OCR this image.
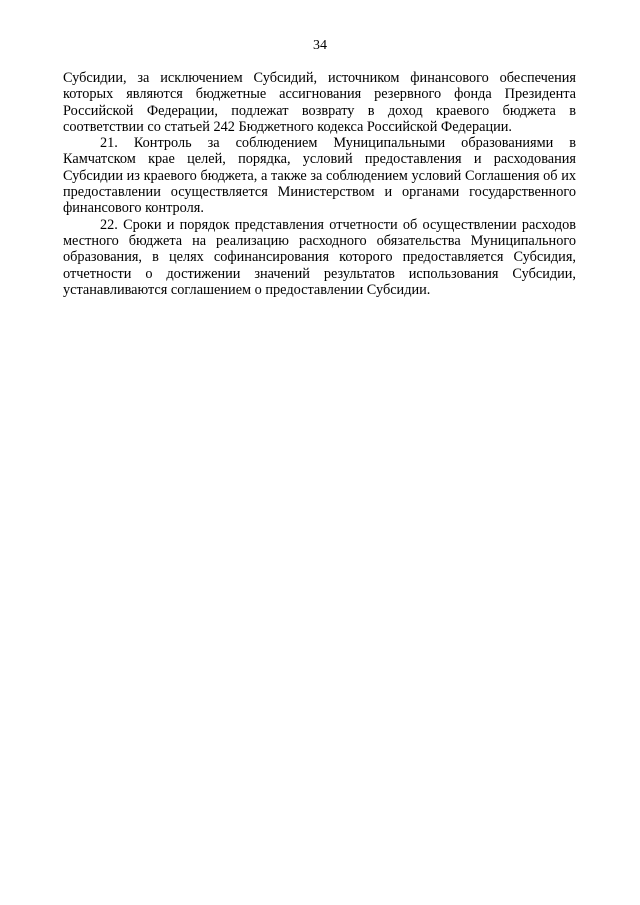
34

Субсидии, за исключением Субсидий, источником финансового обеспечения которых являются бюджетные ассигнования резервного фонда Президента Российской Федерации, подлежат возврату в доход краевого бюджета в соответствии со статьей 242 Бюджетного кодекса Российской Федерации.

21. Контроль за соблюдением Муниципальными образованиями в Камчатском крае целей, порядка, условий предоставления и расходования Субсидии из краевого бюджета, а также за соблюдением условий Соглашения об их предоставлении осуществляется Министерством и органами государственного финансового контроля.

22. Сроки и порядок представления отчетности об осуществлении расходов местного бюджета на реализацию расходного обязательства Муниципального образования, в целях софинансирования которого предоставляется Субсидия, отчетности о достижении значений результатов использования Субсидии, устанавливаются соглашением о предоставлении Субсидии.
